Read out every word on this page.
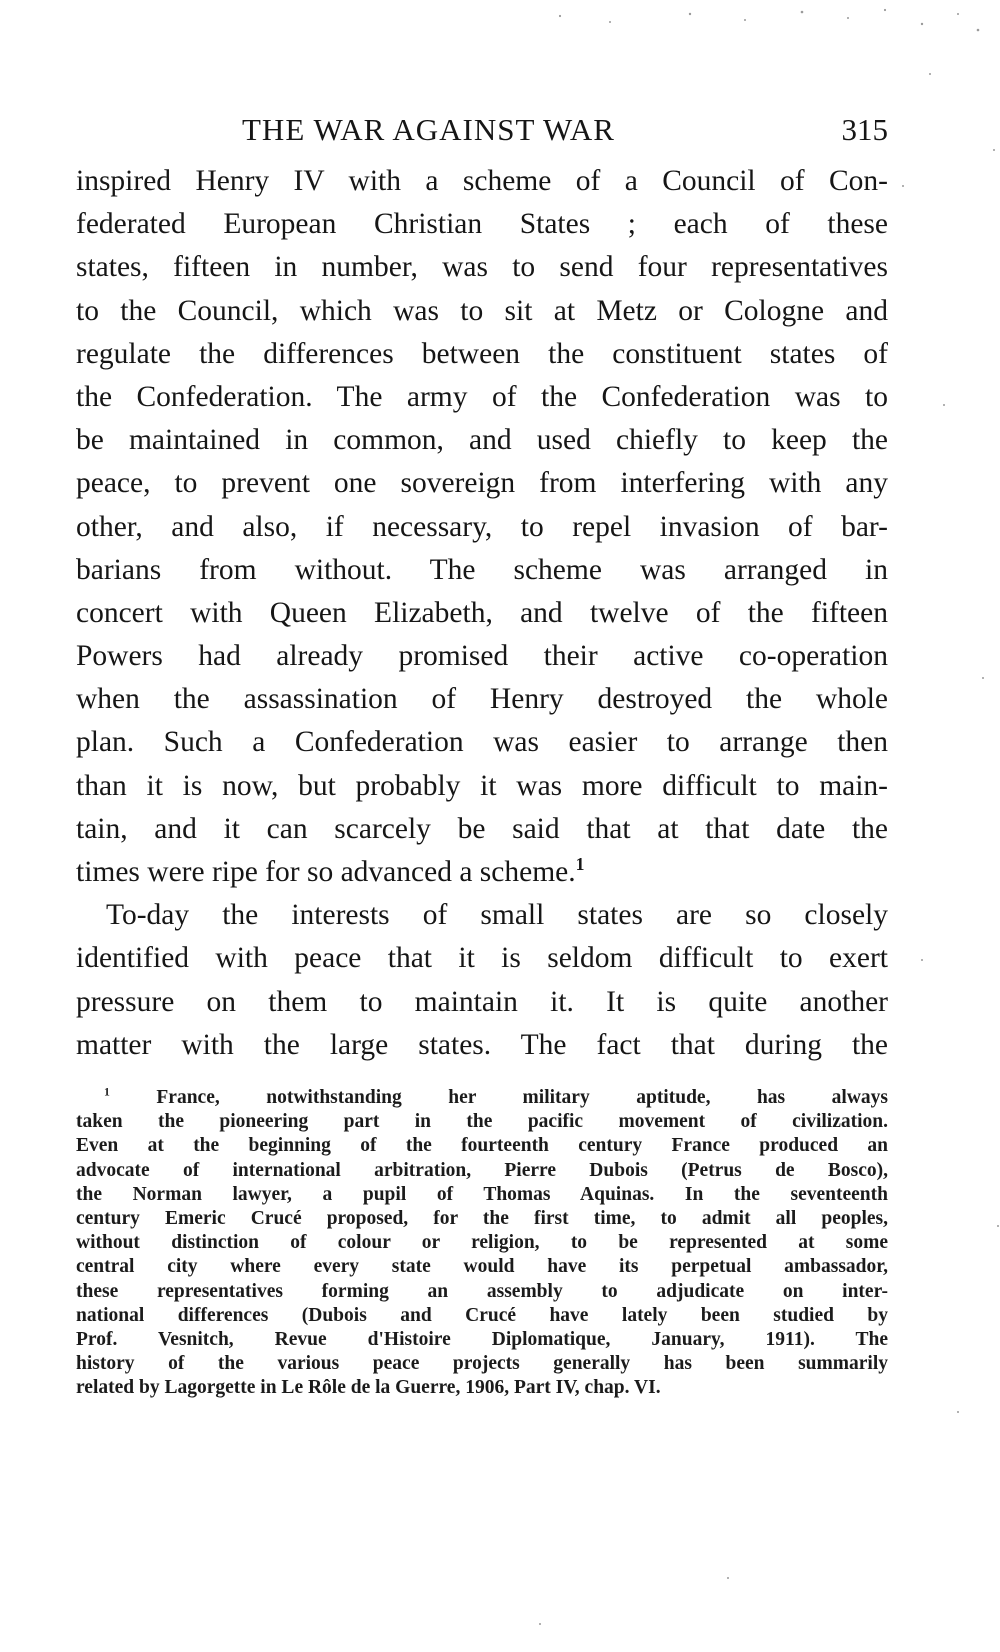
THE WAR AGAINST WAR	315
inspired Henry IV with a scheme of a Council of Con-
federated European Christian States ; each of these
states, fifteen in number, was to send four representatives
to the Council, which was to sit at Metz or Cologne and
regulate the differences between the constituent states of
the Confederation. The army of the Confederation was to
be maintained in common, and used chiefly to keep the
peace, to prevent one sovereign from interfering with any
other, and also, if necessary, to repel invasion of bar-
barians from without. The scheme was arranged in
concert with Queen Elizabeth, and twelve of the fifteen
Powers had already promised their active co-operation
when the assassination of Henry destroyed the whole
plan. Such a Confederation was easier to arrange then
than it is now, but probably it was more difficult to main-
tain, and it can scarcely be said that at that date the
times were ripe for so advanced a scheme.$^1$
To-day the interests of small states are so closely
identified with peace that it is seldom difficult to exert
pressure on them to maintain it. It is quite another
matter with the large states. The fact that during the
$^1$ France, notwithstanding her military aptitude, has always
taken the pioneering part in the pacific movement of civilization.
Even at the beginning of the fourteenth century France produced an
advocate of international arbitration, Pierre Dubois (Petrus de Bosco),
the Norman lawyer, a pupil of Thomas Aquinas. In the seventeenth
century Emeric Crucé proposed, for the first time, to admit all peoples,
without distinction of colour or religion, to be represented at some
central city where every state would have its perpetual ambassador,
these representatives forming an assembly to adjudicate on inter-
national differences (Dubois and Crucé have lately been studied by
Prof. Vesnitch, Revue d'Histoire Diplomatique, January, 1911). The
history of the various peace projects generally has been summarily
related by Lagorgette in Le Rôle de la Guerre, 1906, Part IV, chap. VI.
